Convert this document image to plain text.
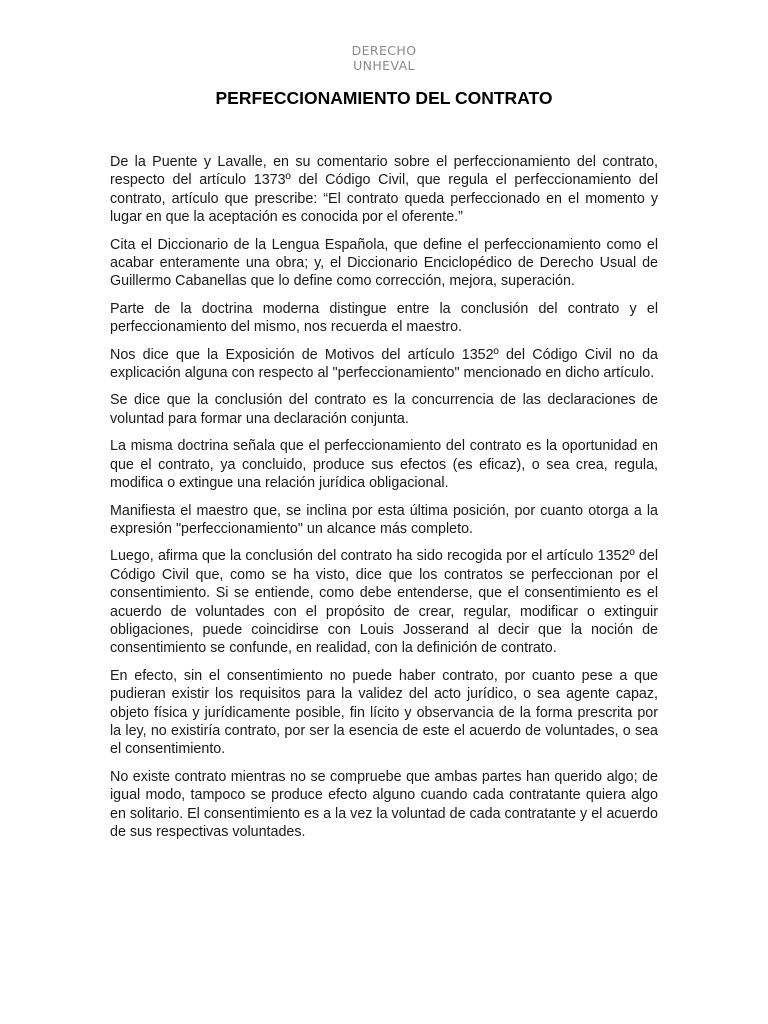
DERECHO
UNHEVAL
PERFECCIONAMIENTO DEL CONTRATO

De la Puente y Lavalle, en su comentario sobre el perfeccionamiento del contrato, respecto del artículo 1373º del Código Civil, que regula el perfeccionamiento del contrato, artículo que prescribe: “El contrato queda perfeccionado en el momento y lugar en que la aceptación es conocida por el oferente.”

Cita el Diccionario de la Lengua Española, que define el perfeccionamiento como el acabar enteramente una obra; y, el Diccionario Enciclopédico de Derecho Usual de Guillermo Cabanellas que lo define como corrección, mejora, superación.

Parte de la doctrina moderna distingue entre la conclusión del contrato y el perfeccionamiento del mismo, nos recuerda el maestro.

Nos dice que la Exposición de Motivos del artículo 1352º del Código Civil no da explicación alguna con respecto al "perfeccionamiento" mencionado en dicho artículo.

Se dice que la conclusión del contrato es la concurrencia de las declaraciones de voluntad para formar una declaración conjunta.

La misma doctrina señala que el perfeccionamiento del contrato es la oportunidad en que el contrato, ya concluido, produce sus efectos (es eficaz), o sea crea, regula, modifica o extingue una relación jurídica obligacional.

Manifiesta el maestro que, se inclina por esta última posición, por cuanto otorga a la expresión "perfeccionamiento" un alcance más completo.

Luego, afirma que la conclusión del contrato ha sido recogida por el artículo 1352º del Código Civil que, como se ha visto, dice que los contratos se perfeccionan por el consentimiento. Si se entiende, como debe entenderse, que el consentimiento es el acuerdo de voluntades con el propósito de crear, regular, modificar o extinguir obligaciones, puede coincidirse con Louis Josserand al decir que la noción de consentimiento se confunde, en realidad, con la definición de contrato.

En efecto, sin el consentimiento no puede haber contrato, por cuanto pese a que pudieran existir los requisitos para la validez del acto jurídico, o sea agente capaz, objeto física y jurídicamente posible, fin lícito y observancia de la forma prescrita por la ley, no existiría contrato, por ser la esencia de este el acuerdo de voluntades, o sea el consentimiento.

No existe contrato mientras no se compruebe que ambas partes han querido algo; de igual modo, tampoco se produce efecto alguno cuando cada contratante quiera algo en solitario. El consentimiento es a la vez la voluntad de cada contratante y el acuerdo de sus respectivas voluntades.
